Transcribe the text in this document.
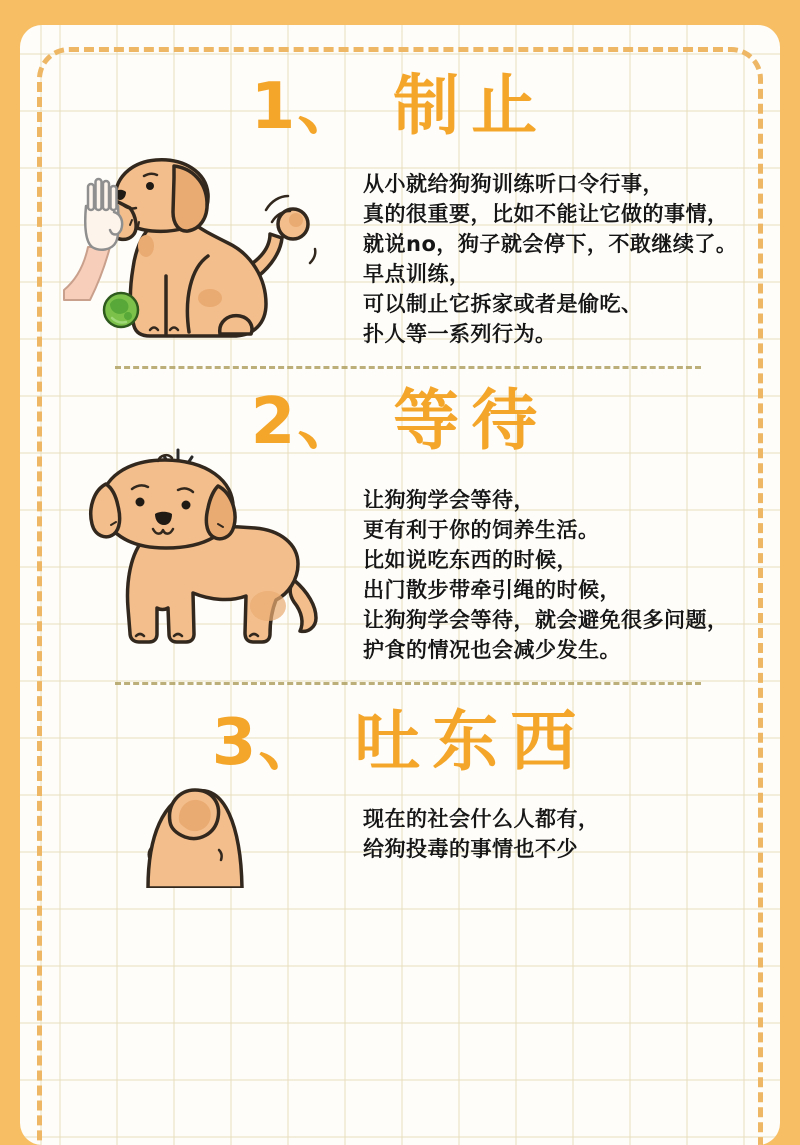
1、 制止
从小就给狗狗训练听口令行事，
真的很重要，比如不能让它做的事情，
就说no，狗子就会停下，不敢继续了。
早点训练，
可以制止它拆家或者是偷吃、
扑人等一系列行为。
2、 等待
让狗狗学会等待，
更有利于你的饲养生活。
比如说吃东西的时候，
出门散步带牵引绳的时候，
让狗狗学会等待，就会避免很多问题，
护食的情况也会减少发生。
3、 吐东西
现在的社会什么人都有，
给狗投毒的事情也不少
